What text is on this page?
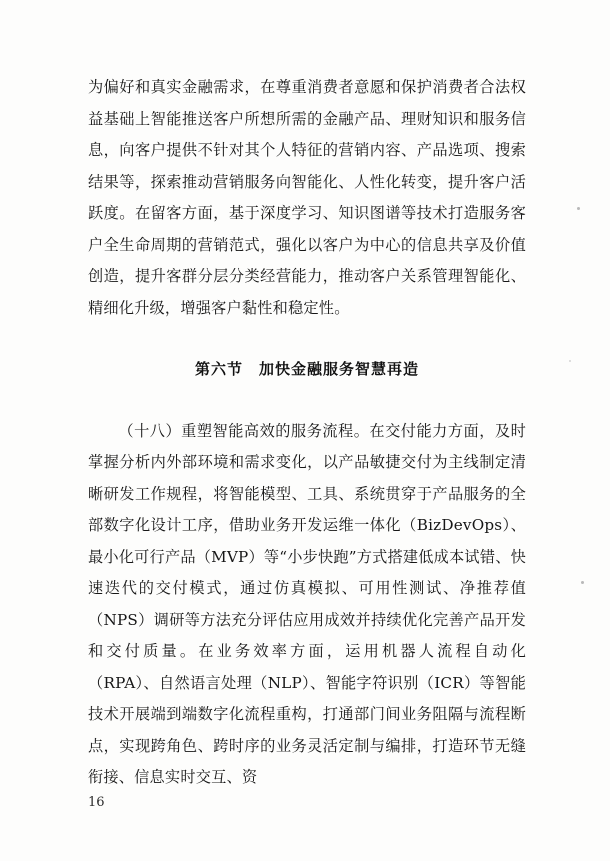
为偏好和真实金融需求，在尊重消费者意愿和保护消费者合法权益基础上智能推送客户所想所需的金融产品、理财知识和服务信息，向客户提供不针对其个人特征的营销内容、产品选项、搜索结果等，探索推动营销服务向智能化、人性化转变，提升客户活跃度。在留客方面，基于深度学习、知识图谱等技术打造服务客户全生命周期的营销范式，强化以客户为中心的信息共享及价值创造，提升客群分层分类经营能力，推动客户关系管理智能化、精细化升级，增强客户黏性和稳定性。

第六节　加快金融服务智慧再造

（十八）重塑智能高效的服务流程。在交付能力方面，及时掌握分析内外部环境和需求变化，以产品敏捷交付为主线制定清晰研发工作规程，将智能模型、工具、系统贯穿于产品服务的全部数字化设计工序，借助业务开发运维一体化（BizDevOps）、最小化可行产品（MVP）等“小步快跑”方式搭建低成本试错、快速迭代的交付模式，通过仿真模拟、可用性测试、净推荐值（NPS）调研等方法充分评估应用成效并持续优化完善产品开发和交付质量。在业务效率方面，运用机器人流程自动化（RPA）、自然语言处理（NLP）、智能字符识别（ICR）等智能技术开展端到端数字化流程重构，打通部门间业务阻隔与流程断点，实现跨角色、跨时序的业务灵活定制与编排，打造环节无缝衔接、信息实时交互、资

16
